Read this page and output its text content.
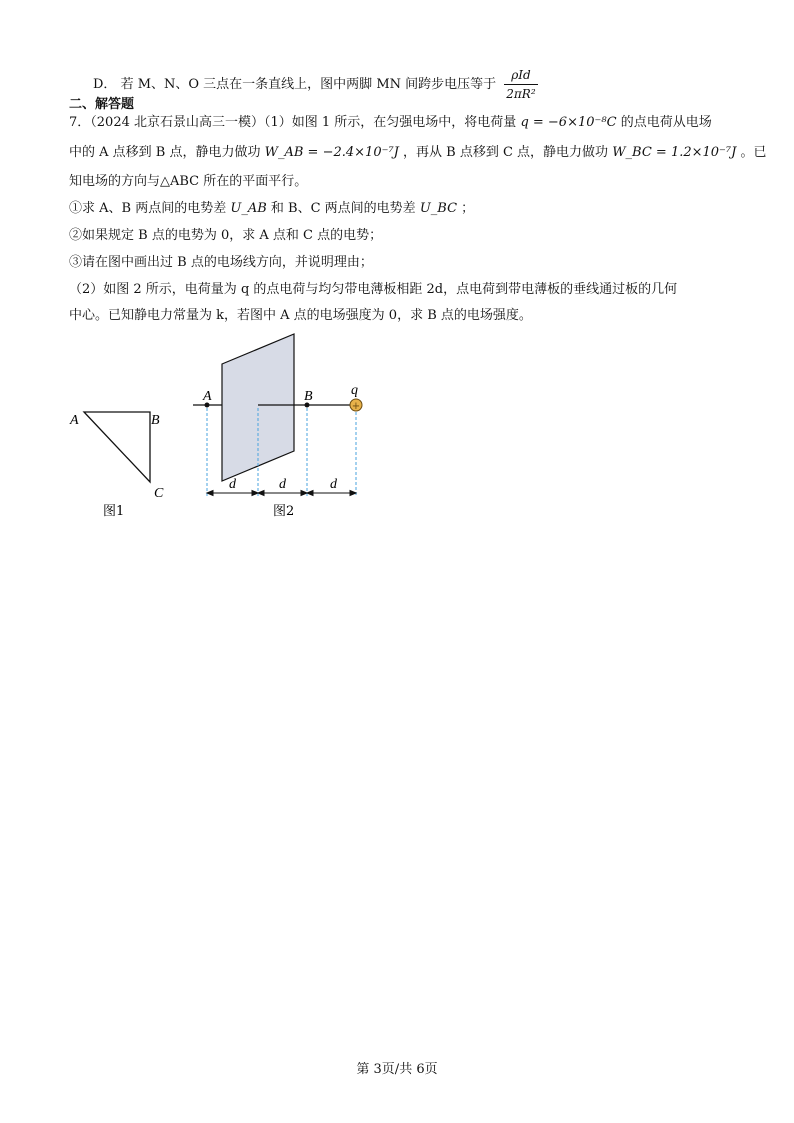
D． 若 M、N、O 三点在一条直线上，图中两脚 MN 间跨步电压等于 $\frac{\text{ρId}}{\text{2πR²}}$
二、解答题
7．（2024 北京石景山高三一模）（1）如图 1 所示，在匀强电场中，将电荷量 q = −6×10⁻⁸C 的点电荷从电场
中的 A 点移到 B 点，静电力做功 W_AB = −2.4×10⁻⁷J ，再从 B 点移到 C 点，静电力做功 W_BC = 1.2×10⁻⁷J 。已
知电场的方向与△ABC 所在的平面平行。
①求 A、B 两点间的电势差 U_AB 和 B、C 两点间的电势差 U_BC ；
②如果规定 B 点的电势为 0，求 A 点和 C 点的电势；
③请在图中画出过 B 点的电场线方向，并说明理由；
（2）如图 2 所示，电荷量为 q 的点电荷与均匀带电薄板相距 2d，点电荷到带电薄板的垂线通过板的几何
中心。已知静电力常量为 k，若图中 A 点的电场强度为 0，求 B 点的电场强度。
A	B
C
图1
+
A	B	q
d	d	d
图2
第 3页/共 6页
